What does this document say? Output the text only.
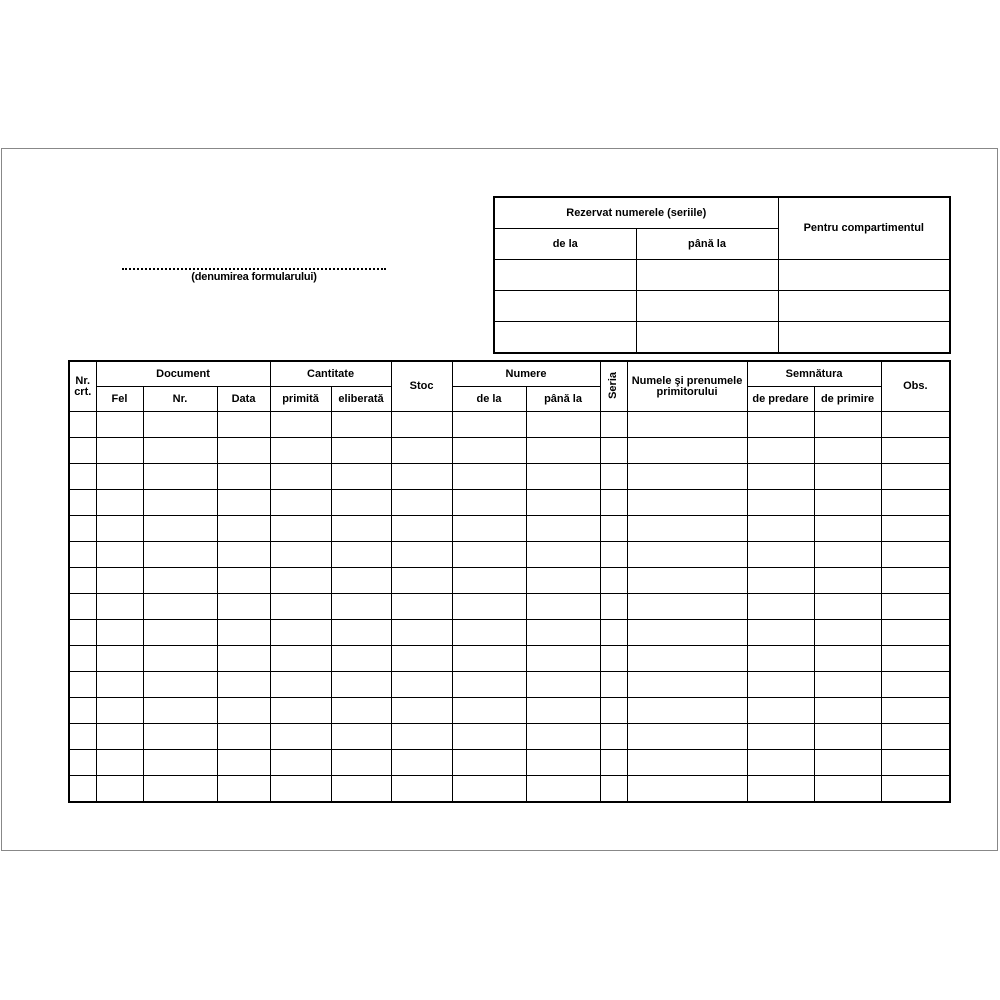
(denumirea formularului)
Rezervat numerele (seriile)		Pentru compartimentul
de la	până la	

Nr. crt.	Document			Cantitate		Stoc	Numere		Seria	Numele şi prenumele primitorului	Semnătura		Obs.
	Fel	Nr.	Data	primită	eliberată		de la	până la			de predare	de primire	
